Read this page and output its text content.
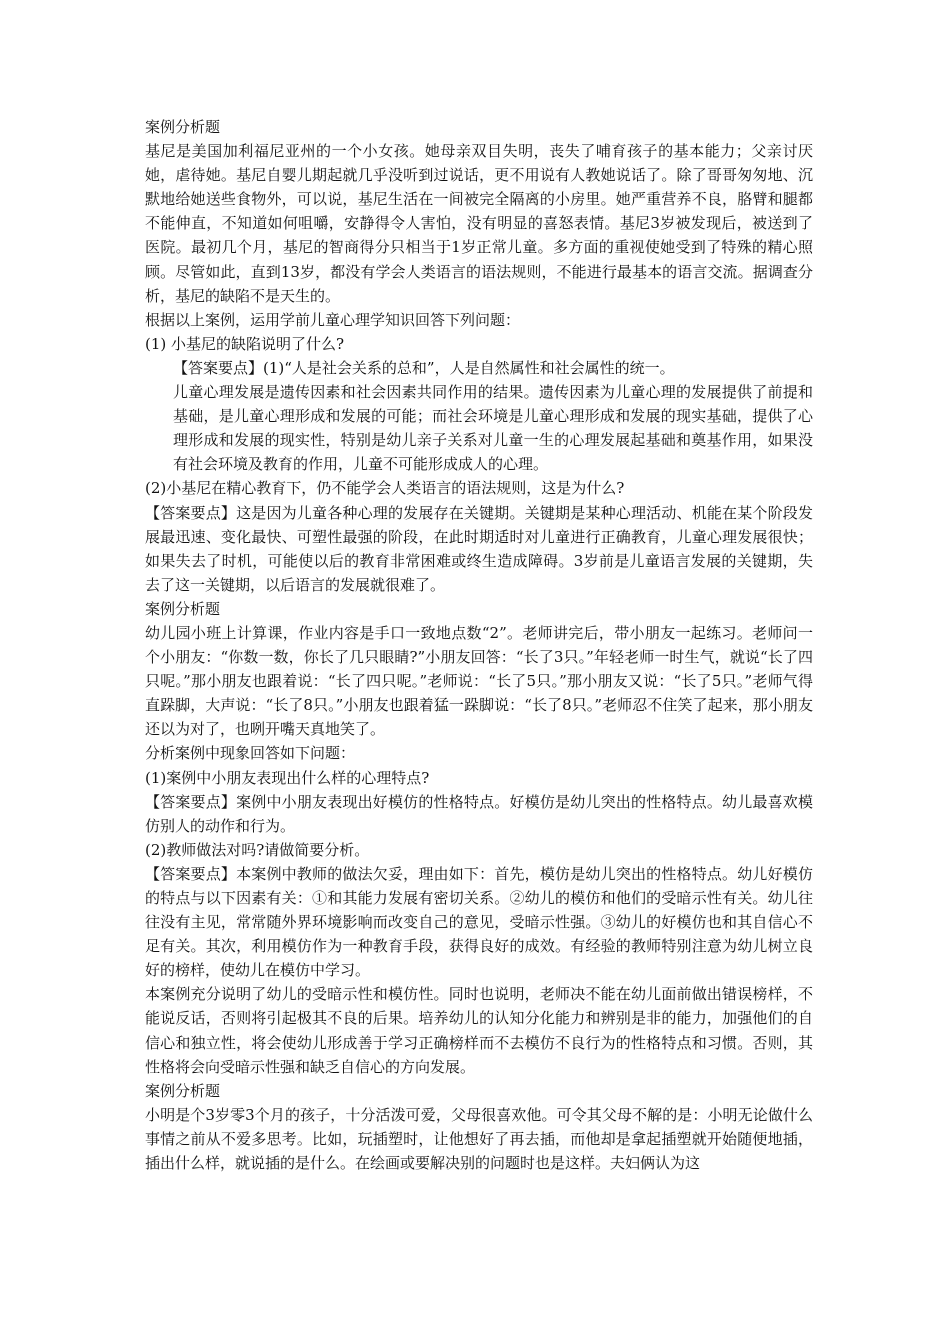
案例分析题

基尼是美国加利福尼亚州的一个小女孩。她母亲双目失明，丧失了哺育孩子的基本能力；父亲讨厌她，虐待她。基尼自婴儿期起就几乎没听到过说话，更不用说有人教她说话了。除了哥哥匆匆地、沉默地给她送些食物外，可以说，基尼生活在一间被完全隔离的小房里。她严重营养不良，胳臂和腿都不能伸直，不知道如何咀嚼，安静得令人害怕，没有明显的喜怒表情。基尼3岁被发现后，被送到了医院。最初几个月，基尼的智商得分只相当于1岁正常儿童。多方面的重视使她受到了特殊的精心照顾。尽管如此，直到13岁，都没有学会人类语言的语法规则，不能进行最基本的语言交流。据调查分析，基尼的缺陷不是天生的。

根据以上案例，运用学前儿童心理学知识回答下列问题：

(1) 小基尼的缺陷说明了什么?

【答案要点】(1)“人是社会关系的总和”，人是自然属性和社会属性的统一。

儿童心理发展是遗传因素和社会因素共同作用的结果。遗传因素为儿童心理的发展提供了前提和基础，是儿童心理形成和发展的可能；而社会环境是儿童心理形成和发展的现实基础，提供了心理形成和发展的现实性，特别是幼儿亲子关系对儿童一生的心理发展起基础和奠基作用，如果没有社会环境及教育的作用，儿童不可能形成成人的心理。

(2)小基尼在精心教育下，仍不能学会人类语言的语法规则，这是为什么?

【答案要点】这是因为儿童各种心理的发展存在关键期。关键期是某种心理活动、机能在某个阶段发展最迅速、变化最快、可塑性最强的阶段，在此时期适时对儿童进行正确教育，儿童心理发展很快；如果失去了时机，可能使以后的教育非常困难或终生造成障碍。3岁前是儿童语言发展的关键期，失去了这一关键期，以后语言的发展就很难了。

案例分析题

幼儿园小班上计算课，作业内容是手口一致地点数“2”。老师讲完后，带小朋友一起练习。老师问一个小朋友：“你数一数，你长了几只眼睛?”小朋友回答：“长了3只。”年轻老师一时生气，就说“长了四只呢。”那小朋友也跟着说：“长了四只呢。”老师说：“长了5只。”那小朋友又说：“长了5只。”老师气得直跺脚，大声说：“长了8只。”小朋友也跟着猛一跺脚说：“长了8只。”老师忍不住笑了起来，那小朋友还以为对了，也咧开嘴天真地笑了。

分析案例中现象回答如下问题：

(1)案例中小朋友表现出什么样的心理特点?

【答案要点】案例中小朋友表现出好模仿的性格特点。好模仿是幼儿突出的性格特点。幼儿最喜欢模仿别人的动作和行为。

(2)教师做法对吗?请做简要分析。

【答案要点】本案例中教师的做法欠妥，理由如下：首先，模仿是幼儿突出的性格特点。幼儿好模仿的特点与以下因素有关：①和其能力发展有密切关系。②幼儿的模仿和他们的受暗示性有关。幼儿往往没有主见，常常随外界环境影响而改变自己的意见，受暗示性强。③幼儿的好模仿也和其自信心不足有关。其次，利用模仿作为一种教育手段，获得良好的成效。有经验的教师特别注意为幼儿树立良好的榜样，使幼儿在模仿中学习。

本案例充分说明了幼儿的受暗示性和模仿性。同时也说明，老师决不能在幼儿面前做出错误榜样，不能说反话，否则将引起极其不良的后果。培养幼儿的认知分化能力和辨别是非的能力，加强他们的自信心和独立性，将会使幼儿形成善于学习正确榜样而不去模仿不良行为的性格特点和习惯。否则，其性格将会向受暗示性强和缺乏自信心的方向发展。

案例分析题

小明是个3岁零3个月的孩子，十分活泼可爱，父母很喜欢他。可令其父母不解的是：小明无论做什么事情之前从不爱多思考。比如，玩插塑时，让他想好了再去插，而他却是拿起插塑就开始随便地插，插出什么样，就说插的是什么。在绘画或要解决别的问题时也是这样。夫妇俩认为这
